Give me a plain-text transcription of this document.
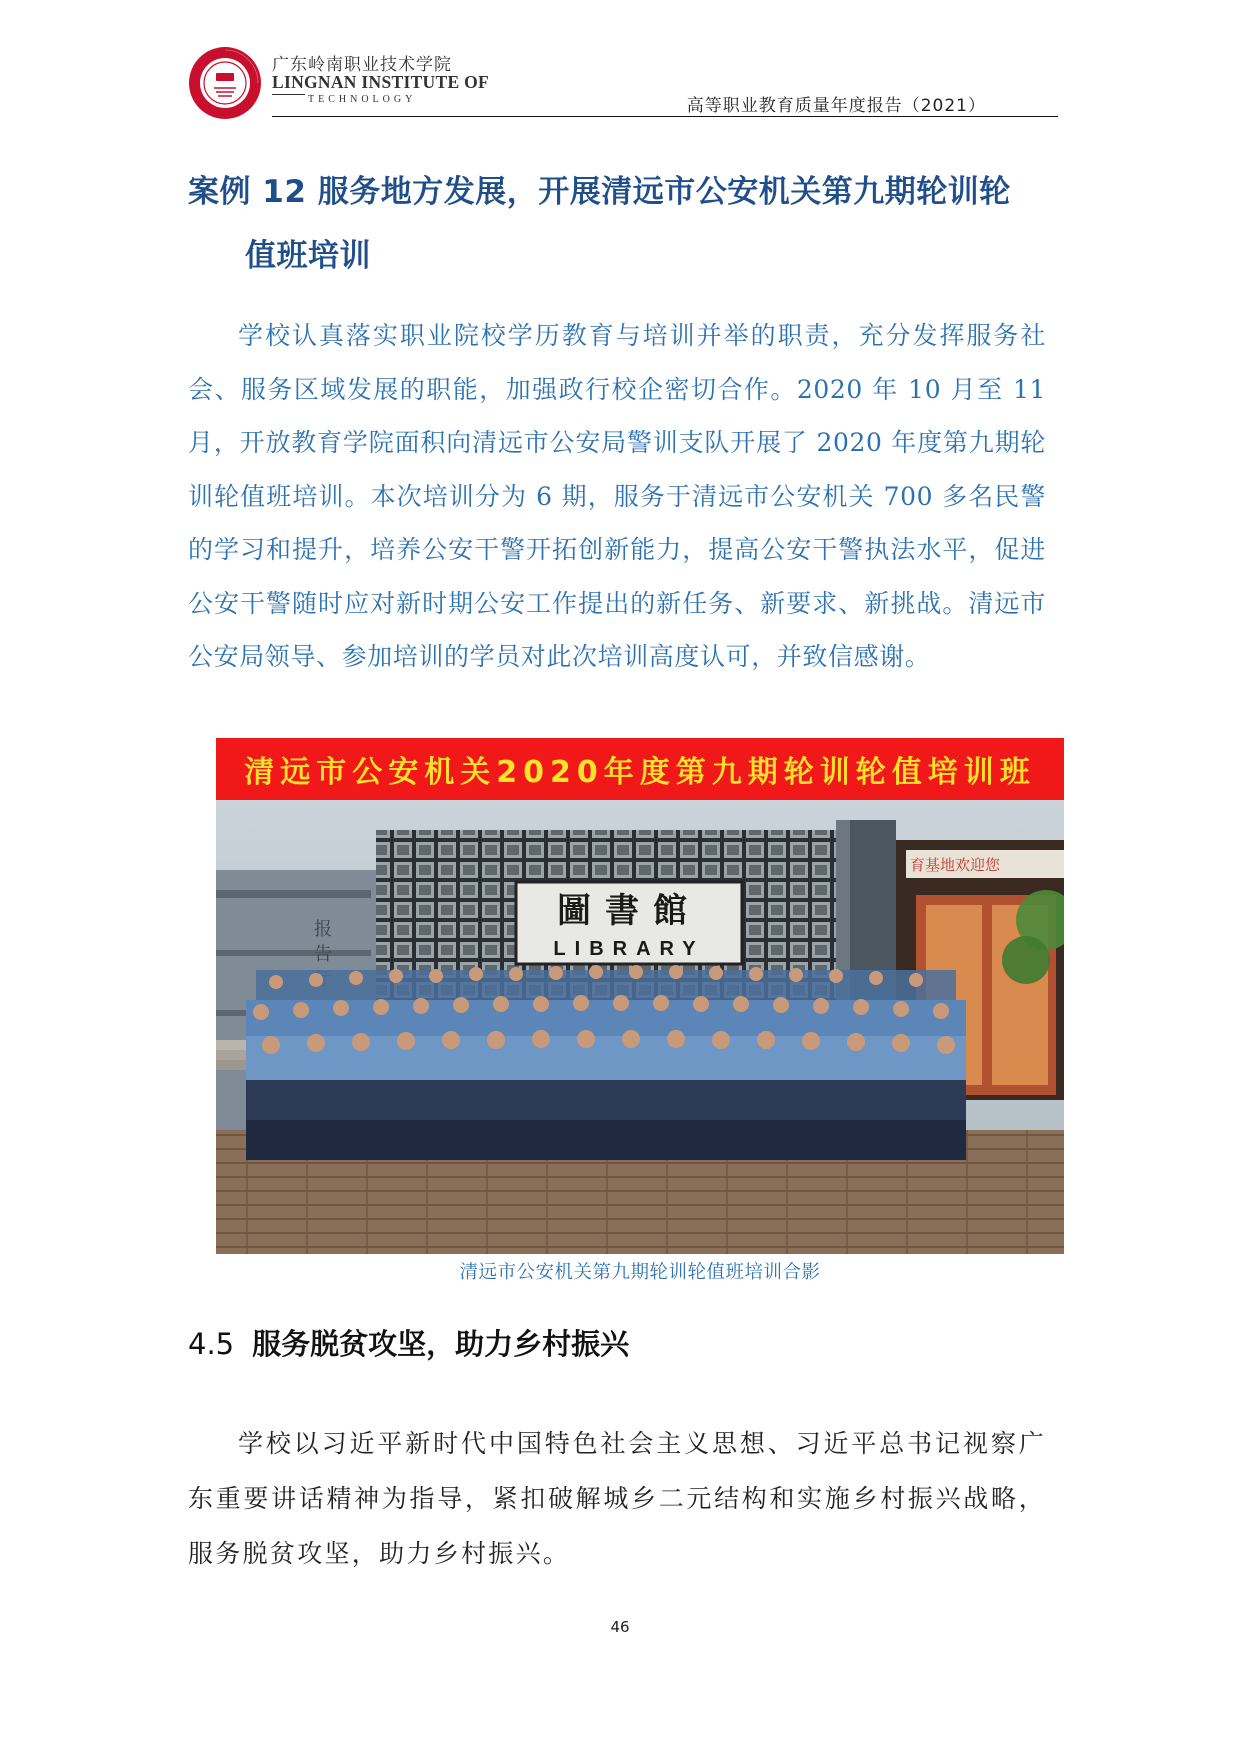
广东岭南职业技术学院
LINGNAN INSTITUTE OF
TECHNOLOGY	高等职业教育质量年度报告（2021）
案例 12 服务地方发展，开展清远市公安机关第九期轮训轮
值班培训

学校认真落实职业院校学历教育与培训并举的职责，充分发挥服务社会、服务区域发展的职能，加强政行校企密切合作。2020 年 10 月至 11 月，开放教育学院面积向清远市公安局警训支队开展了 2020 年度第九期轮训轮值班培训。本次培训分为 6 期，服务于清远市公安机关 700 多名民警的学习和提升，培养公安干警开拓创新能力，提高公安干警执法水平，促进公安干警随时应对新时期公安工作提出的新任务、新要求、新挑战。清远市公安局领导、参加培训的学员对此次培训高度认可，并致信感谢。

清远市公安机关2020年度第九期轮训轮值培训班
报
告
圖書館
LIBRARY
育基地欢迎您
清远市公安机关第九期轮训轮值班培训合影
4.5 服务脱贫攻坚，助力乡村振兴

学校以习近平新时代中国特色社会主义思想、习近平总书记视察广东重要讲话精神为指导，紧扣破解城乡二元结构和实施乡村振兴战略，服务脱贫攻坚，助力乡村振兴。

46
